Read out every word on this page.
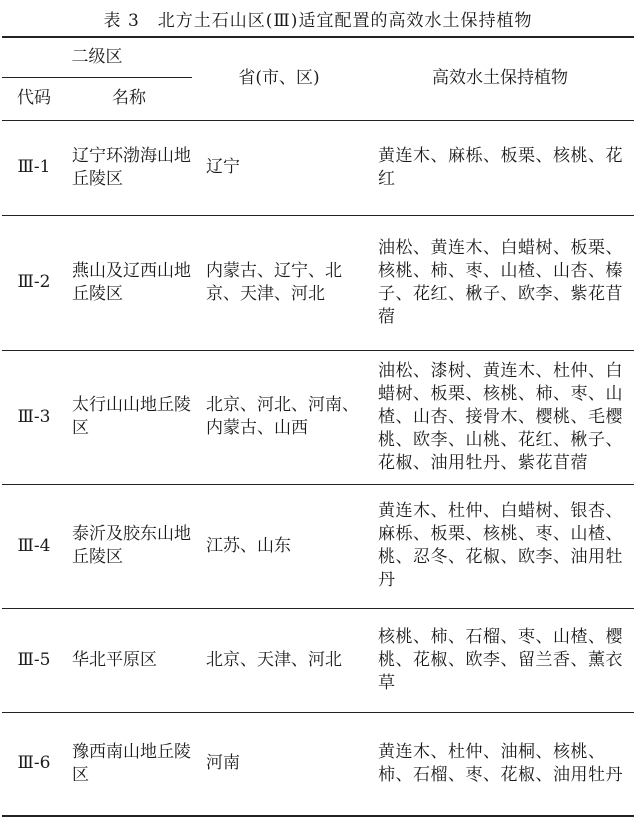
表 3 北方土石山区(Ⅲ)适宜配置的高效水土保持植物
二级区		省(市、区)	高效水土保持植物
代码	名称		
Ⅲ-1	辽宁环渤海山地丘陵区	辽宁	黄连木、麻栎、板栗、核桃、花红

Ⅲ-2	燕山及辽西山地丘陵区	内蒙古、辽宁、北京、天津、河北	油松、黄连木、白蜡树、板栗、核桃、柿、枣、山楂、山杏、榛子、花红、楸子、欧李、紫花苜蓿

Ⅲ-3	太行山山地丘陵区	北京、河北、河南、内蒙古、山西	油松、漆树、黄连木、杜仲、白蜡树、板栗、核桃、柿、枣、山楂、山杏、接骨木、樱桃、毛樱桃、欧李、山桃、花红、楸子、花椒、油用牡丹、紫花苜蓿

Ⅲ-4	泰沂及胶东山地丘陵区	江苏、山东	黄连木、杜仲、白蜡树、银杏、麻栎、板栗、核桃、枣、山楂、桃、忍冬、花椒、欧李、油用牡丹

Ⅲ-5	华北平原区	北京、天津、河北	核桃、柿、石榴、枣、山楂、樱桃、花椒、欧李、留兰香、薰衣草

Ⅲ-6	豫西南山地丘陵区	河南	黄连木、杜仲、油桐、核桃、柿、石榴、枣、花椒、油用牡丹
